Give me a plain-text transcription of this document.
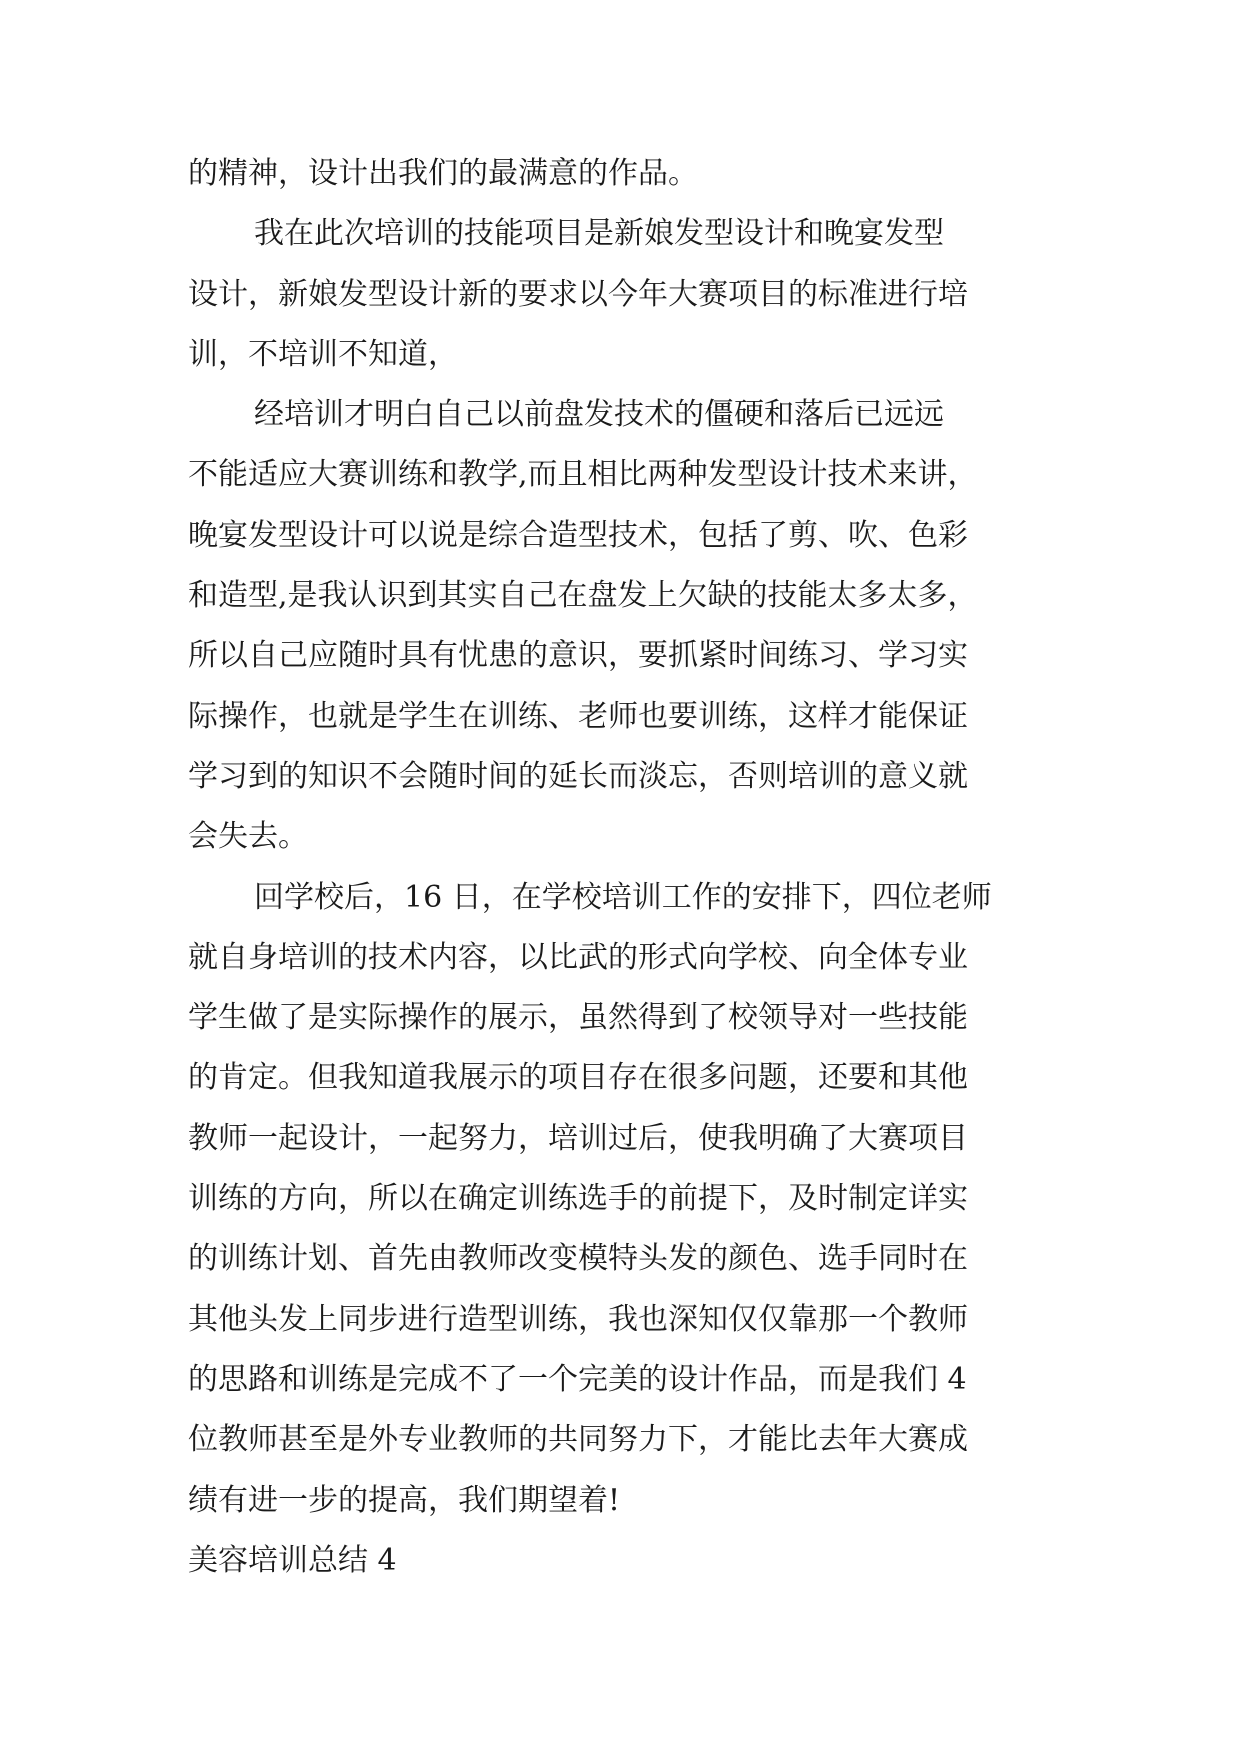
的精神，设计出我们的最满意的作品。
我在此次培训的技能项目是新娘发型设计和晚宴发型
设计，新娘发型设计新的要求以今年大赛项目的标准进行培
训，不培训不知道，
经培训才明白自己以前盘发技术的僵硬和落后已远远
不能适应大赛训练和教学,而且相比两种发型设计技术来讲，
晚宴发型设计可以说是综合造型技术，包括了剪、吹、色彩
和造型,是我认识到其实自己在盘发上欠缺的技能太多太多，
所以自己应随时具有忧患的意识，要抓紧时间练习、学习实
际操作，也就是学生在训练、老师也要训练，这样才能保证
学习到的知识不会随时间的延长而淡忘，否则培训的意义就
会失去。
回学校后，16 日，在学校培训工作的安排下，四位老师
就自身培训的技术内容，以比武的形式向学校、向全体专业
学生做了是实际操作的展示，虽然得到了校领导对一些技能
的肯定。但我知道我展示的项目存在很多问题，还要和其他
教师一起设计，一起努力，培训过后，使我明确了大赛项目
训练的方向，所以在确定训练选手的前提下，及时制定详实
的训练计划、首先由教师改变模特头发的颜色、选手同时在
其他头发上同步进行造型训练，我也深知仅仅靠那一个教师
的思路和训练是完成不了一个完美的设计作品，而是我们 4
位教师甚至是外专业教师的共同努力下，才能比去年大赛成
绩有进一步的提高，我们期望着!
美容培训总结 4
